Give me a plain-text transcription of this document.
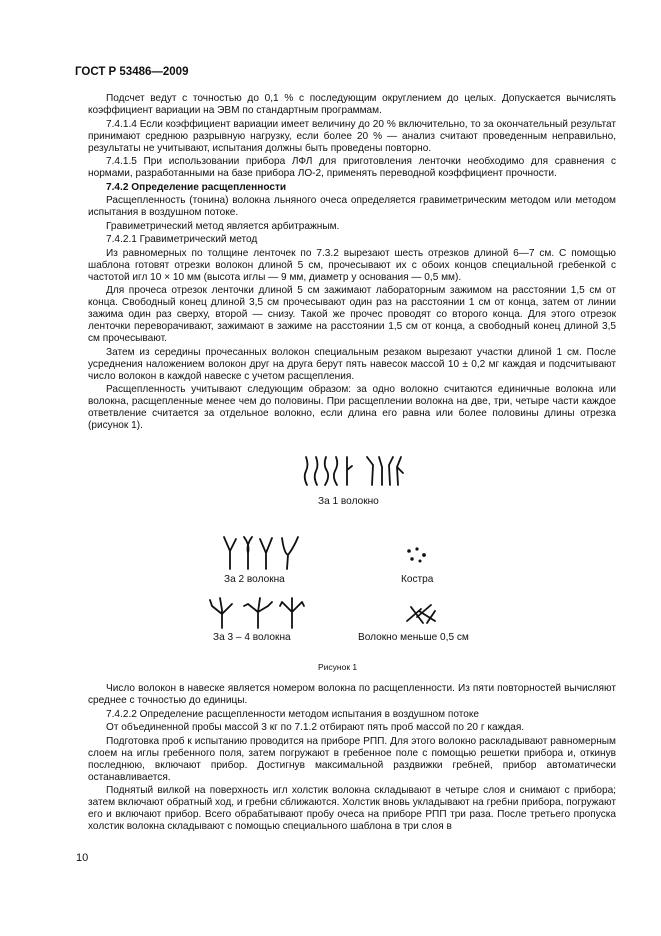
ГОСТ Р 53486—2009

Подсчет ведут с точностью до 0,1 % с последующим округлением до целых. Допускается вычислять коэффициент вариации на ЭВМ по стандартным программам.

7.4.1.4 Если коэффициент вариации имеет величину до 20 % включительно, то за окончательный результат принимают среднюю разрывную нагрузку, если более 20 % — анализ считают проведенным неправильно, результаты не учитывают, испытания должны быть проведены повторно.

7.4.1.5 При использовании прибора ЛФЛ для приготовления ленточки необходимо для сравнения с нормами, разработанными на базе прибора ЛО-2, применять переводной коэффициент прочности.

7.4.2 Определение расщепленности

Расщепленность (тонина) волокна льняного очеса определяется гравиметрическим методом или методом испытания в воздушном потоке.

Гравиметрический метод является арбитражным.

7.4.2.1 Гравиметрический метод

Из равномерных по толщине ленточек по 7.3.2 вырезают шесть отрезков длиной 6—7 см. С помощью шаблона готовят отрезки волокон длиной 5 см, прочесывают их с обоих концов специальной гребенкой с частотой игл 10 × 10 мм (высота иглы — 9 мм, диаметр у основания — 0,5 мм).

Для прочеса отрезок ленточки длиной 5 см зажимают лабораторным зажимом на расстоянии 1,5 см от конца. Свободный конец длиной 3,5 см прочесывают один раз на расстоянии 1 см от конца, затем от линии зажима один раз сверху, второй — снизу. Такой же прочес проводят со второго конца. Для этого отрезок ленточки переворачивают, зажимают в зажиме на расстоянии 1,5 см от конца, а свободный конец длиной 3,5 см прочесывают.

Затем из середины прочесанных волокон специальным резаком вырезают участки длиной 1 см. После усреднения наложением волокон друг на друга берут пять навесок массой 10 ± 0,2 мг каждая и подсчитывают число волокон в каждой навеске с учетом расщепления.

Расщепленность учитывают следующим образом: за одно волокно считаются единичные волокна или волокна, расщепленные менее чем до половины. При расщеплении волокна на две, три, четыре части каждое ответвление считается за отдельное волокно, если длина его равна или более половины длины отрезка (рисунок 1).

За 1 волокно
За 2 волокна	Костра
За 3 – 4 волокна	Волокно меньше 0,5 см
Рисунок 1

Число волокон в навеске является номером волокна по расщепленности. Из пяти повторностей вычисляют среднее с точностью до единицы.

7.4.2.2 Определение расщепленности методом испытания в воздушном потоке

От объединенной пробы массой 3 кг по 7.1.2 отбирают пять проб массой по 20 г каждая.

Подготовка проб к испытанию проводится на приборе РПП. Для этого волокно раскладывают равномерным слоем на иглы гребенного поля, затем погружают в гребенное поле с помощью решетки прибора и, откинув последнюю, включают прибор. Достигнув максимальной раздвижки гребней, прибор автоматически останавливается.

Поднятый вилкой на поверхность игл холстик волокна складывают в четыре слоя и снимают с прибора; затем включают обратный ход, и гребни сближаются. Холстик вновь укладывают на гребни прибора, погружают его и включают прибор. Всего обрабатывают пробу очеса на приборе РПП три раза. После третьего пропуска холстик волокна складывают с помощью специального шаблона в три слоя в

10
